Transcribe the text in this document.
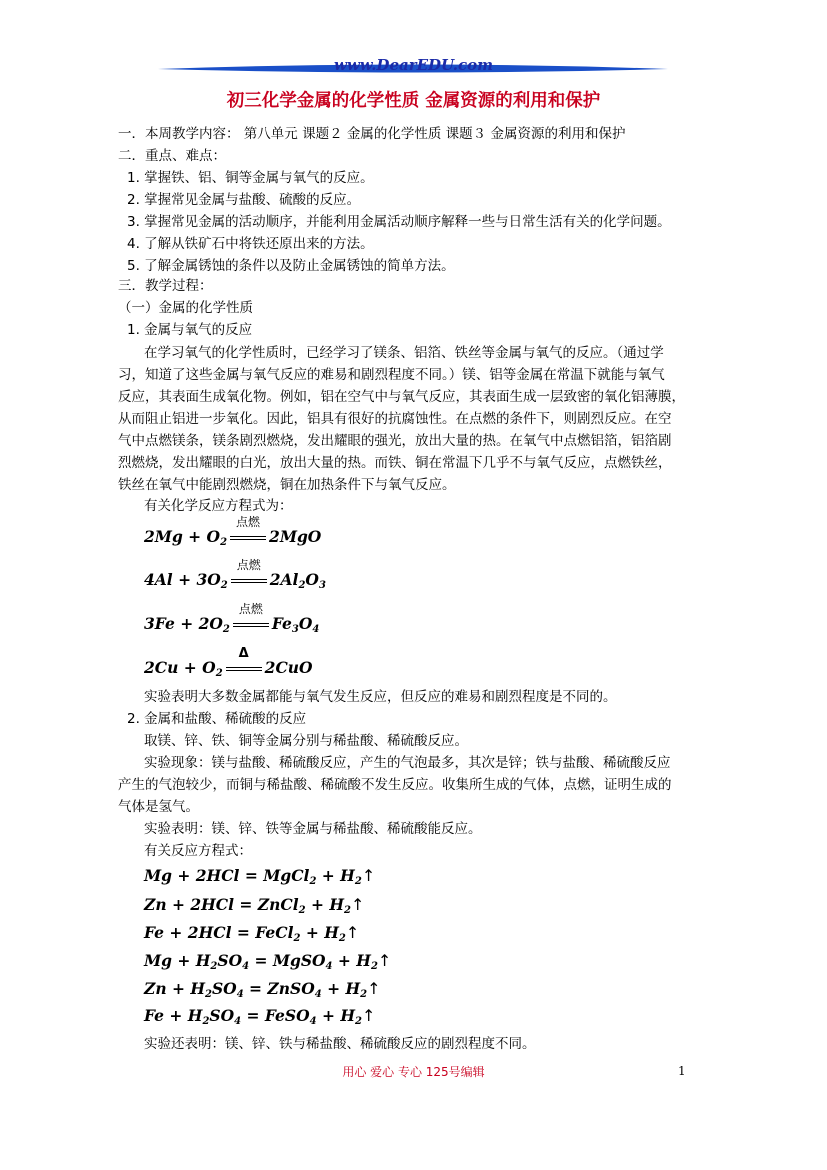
www.DearEDU.com
初三化学金属的化学性质 金属资源的利用和保护
一．本周教学内容： 第八单元 课题２ 金属的化学性质 课题３ 金属资源的利用和保护
二．重点、难点：
1. 掌握铁、铝、铜等金属与氧气的反应。
2. 掌握常见金属与盐酸、硫酸的反应。
3. 掌握常见金属的活动顺序，并能利用金属活动顺序解释一些与日常生活有关的化学问题。
4. 了解从铁矿石中将铁还原出来的方法。
5. 了解金属锈蚀的条件以及防止金属锈蚀的简单方法。
三．教学过程：
（一）金属的化学性质
1. 金属与氧气的反应
在学习氧气的化学性质时，已经学习了镁条、铝箔、铁丝等金属与氧气的反应。（通过学
习，知道了这些金属与氧气反应的难易和剧烈程度不同。）镁、铝等金属在常温下就能与氧气
反应，其表面生成氧化物。例如，铝在空气中与氧气反应，其表面生成一层致密的氧化铝薄膜，
从而阻止铝进一步氧化。因此，铝具有很好的抗腐蚀性。在点燃的条件下，则剧烈反应。在空
气中点燃镁条，镁条剧烈燃烧，发出耀眼的强光，放出大量的热。在氧气中点燃铝箔，铝箔剧
烈燃烧，发出耀眼的白光，放出大量的热。而铁、铜在常温下几乎不与氧气反应，点燃铁丝，
铁丝在氧气中能剧烈燃烧，铜在加热条件下与氧气反应。
有关化学反应方程式为：
$2Mg + O_2$
点燃
2MgO
$4Al + 3O_2$
点燃
$2Al_2O_3$
$3Fe + 2O_2$
点燃
$Fe_3O_4$
$2Cu + O_2$
Δ
2CuO
实验表明大多数金属都能与氧气发生反应，但反应的难易和剧烈程度是不同的。
2. 金属和盐酸、稀硫酸的反应
取镁、锌、铁、铜等金属分别与稀盐酸、稀硫酸反应。
实验现象：镁与盐酸、稀硫酸反应，产生的气泡最多，其次是锌；铁与盐酸、稀硫酸反应
产生的气泡较少，而铜与稀盐酸、稀硫酸不发生反应。收集所生成的气体，点燃，证明生成的
气体是氢气。
实验表明：镁、锌、铁等金属与稀盐酸、稀硫酸能反应。
有关反应方程式：
Mg + 2HCl = MgCl$_2$ + $H_2↑$
Zn + 2HCl = ZnCl$_2$ + $H_2↑$
Fe + 2HCl = FeCl$_2$ + $H_2↑$
$Mg + H_2SO_4$ = MgSO$_4$ + $H_2↑$
$Zn + H_2SO_4$ = ZnSO$_4$ + $H_2↑$
$Fe + H_2SO_4$ = FeSO$_4$ + $H_2↑$
实验还表明：镁、锌、铁与稀盐酸、稀硫酸反应的剧烈程度不同。
用心 爱心 专心 125号编辑	1
